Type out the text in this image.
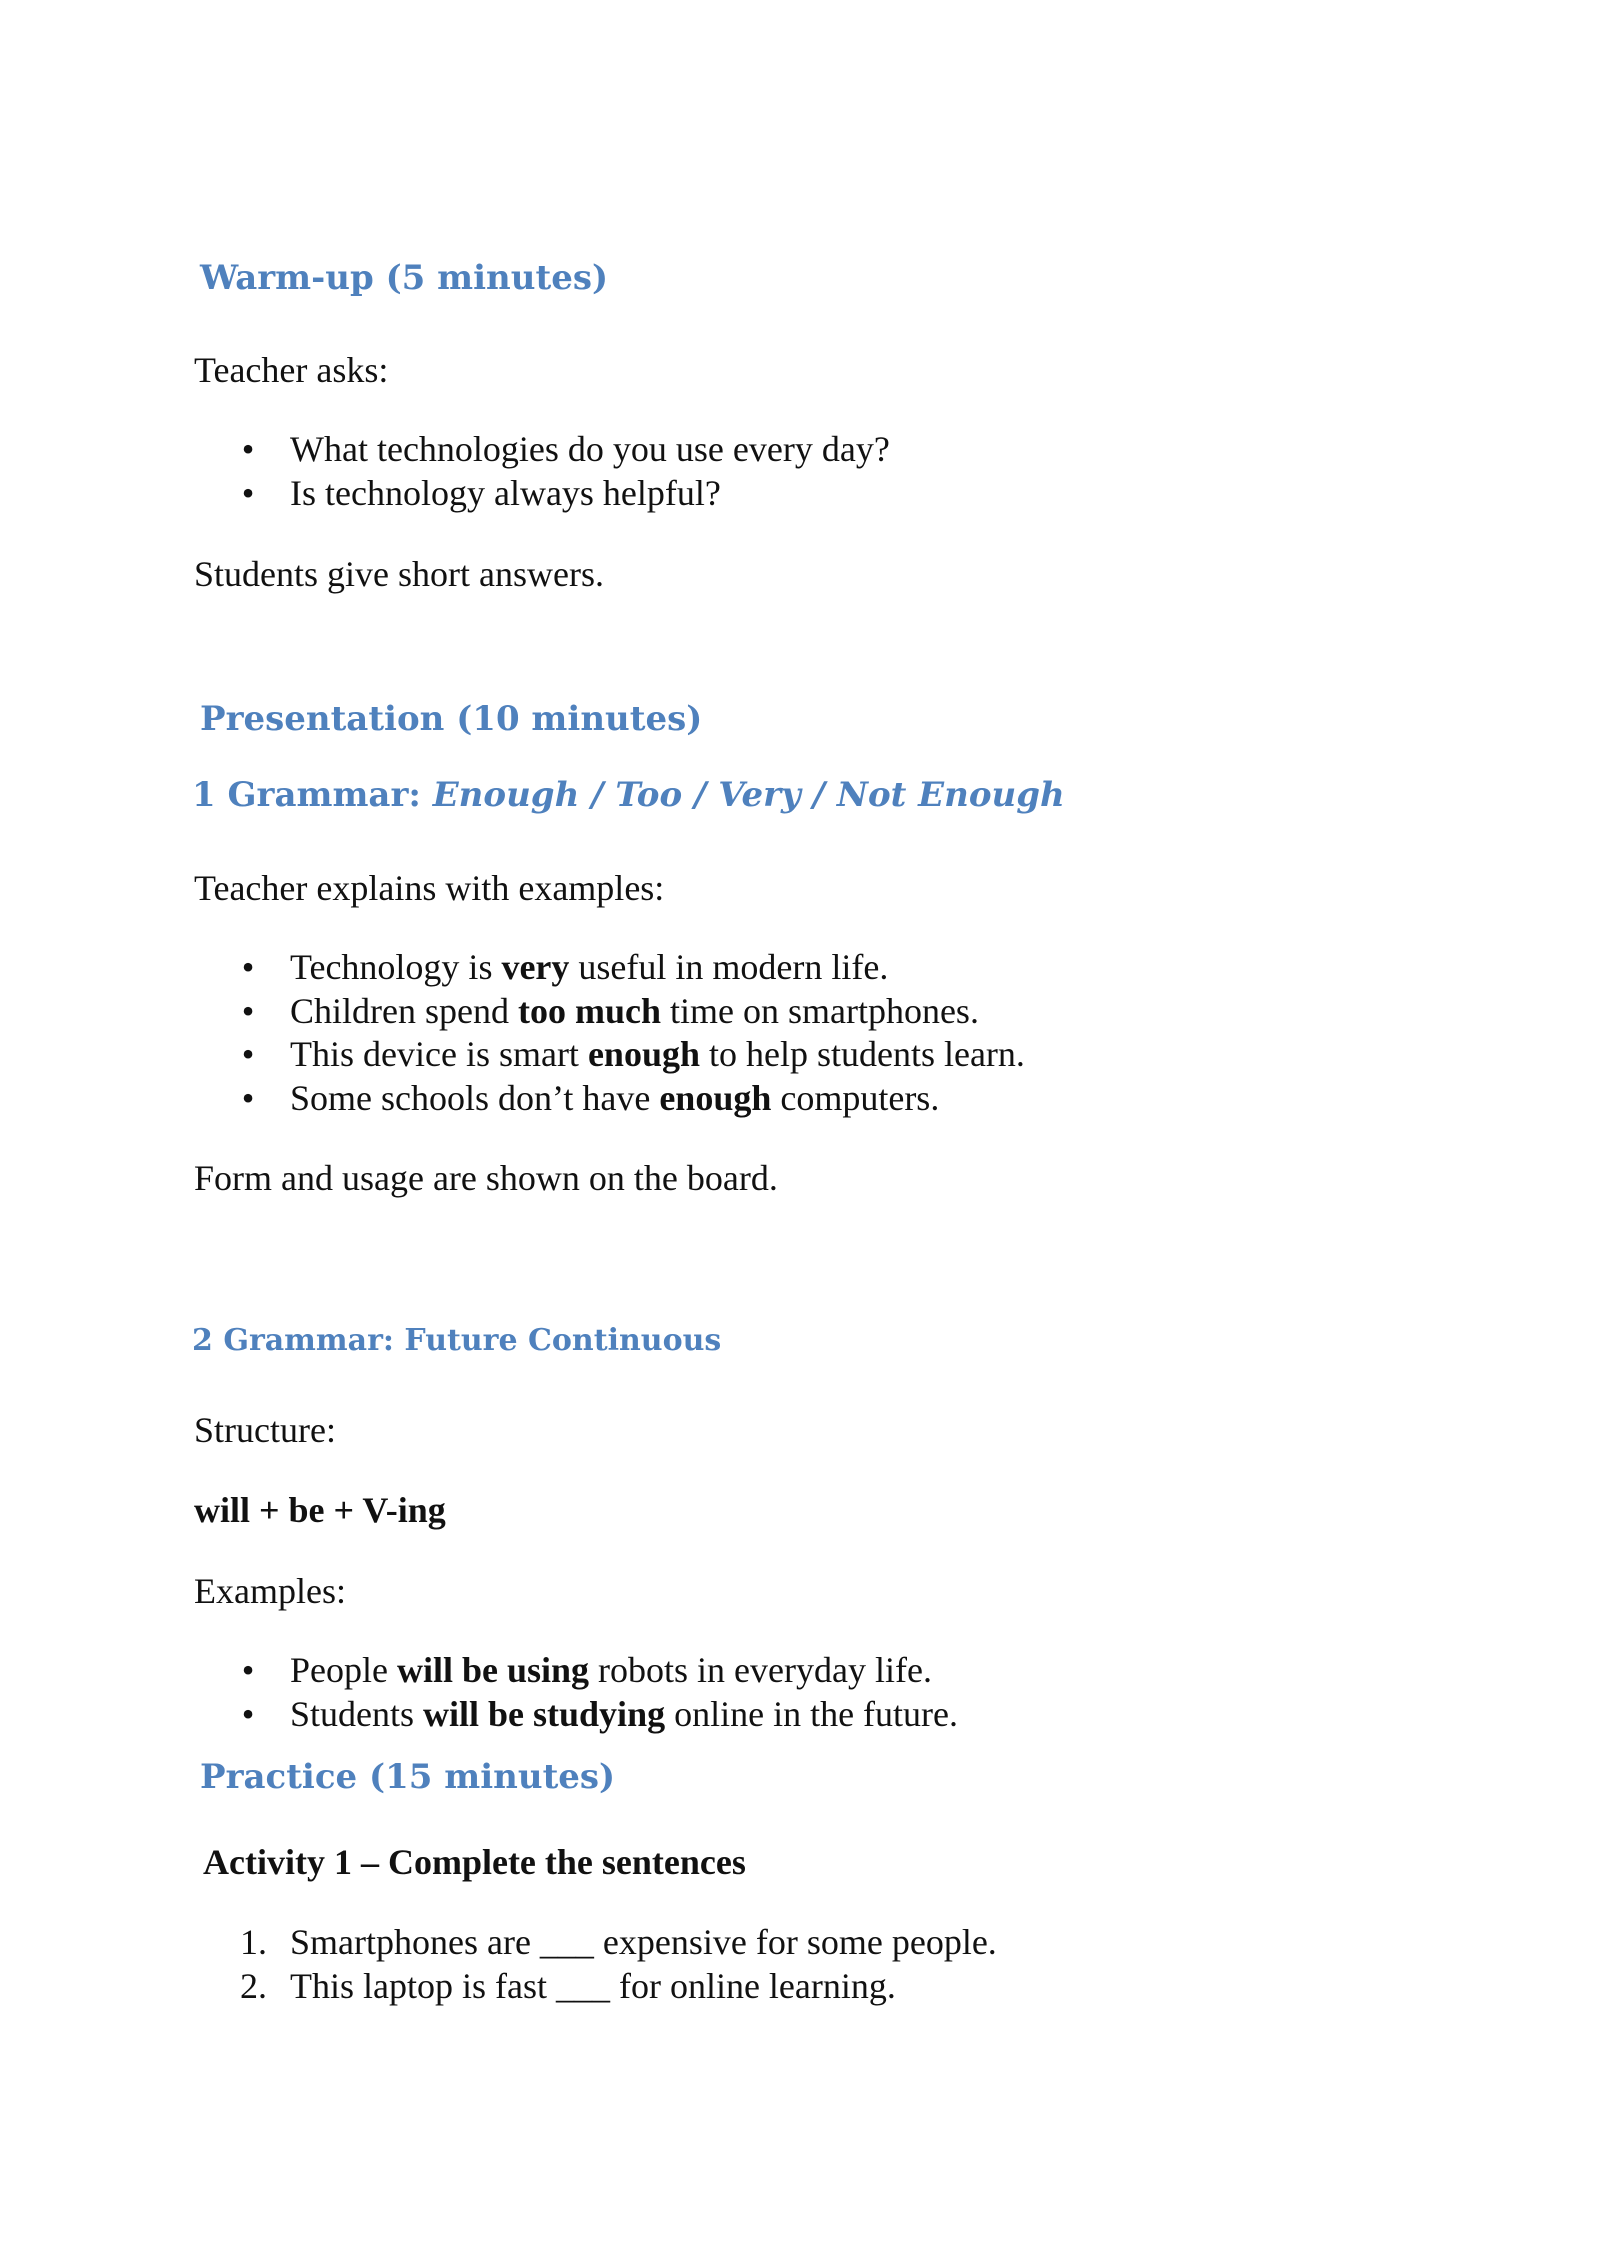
Warm-up (5 minutes)

Teacher asks:

• What technologies do you use every day?
• Is technology always helpful?

Students give short answers.

Presentation (10 minutes)
1 Grammar: Enough / Too / Very / Not Enough

Teacher explains with examples:

• Technology is very useful in modern life.
• Children spend too much time on smartphones.
• This device is smart enough to help students learn.
• Some schools don’t have enough computers.

Form and usage are shown on the board.

2 Grammar: Future Continuous

Structure:

will + be + V-ing

Examples:

• People will be using robots in everyday life.
• Students will be studying online in the future.
Practice (15 minutes)

Activity 1 – Complete the sentences

1. Smartphones are ___ expensive for some people.
2. This laptop is fast ___ for online learning.
